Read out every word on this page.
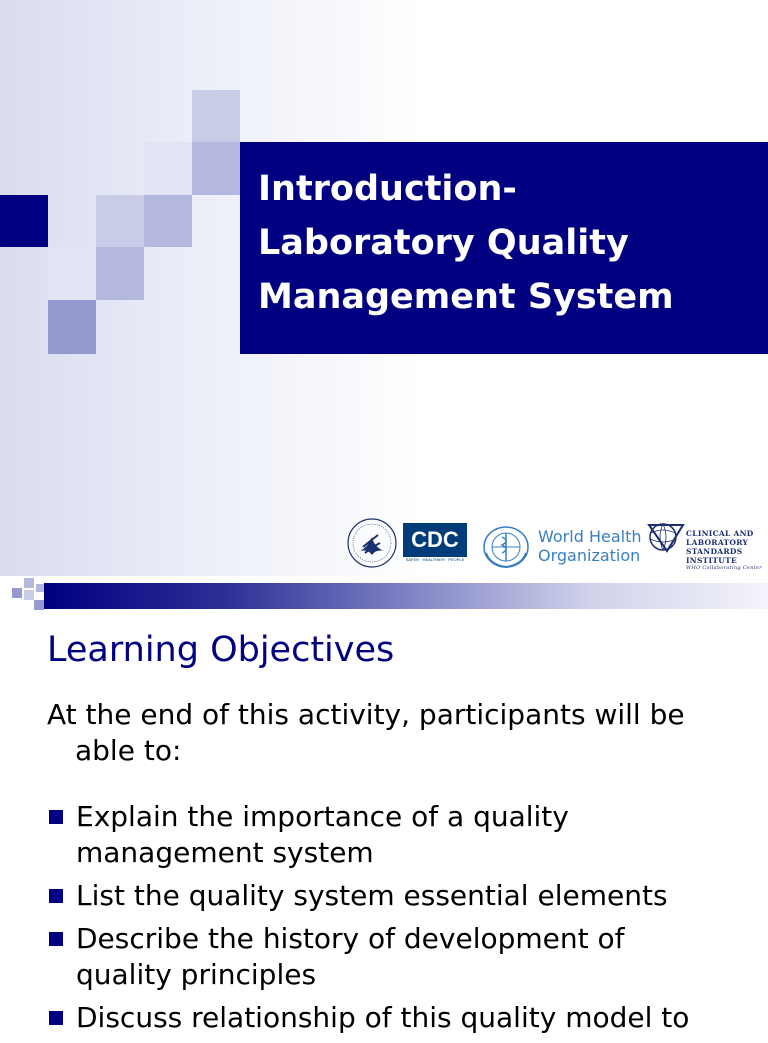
Introduction-
Laboratory Quality
Management System
CDC
SAFER · HEALTHIER · PEOPLE
World Health
Organization
CLINICAL AND
LABORATORY
STANDARDS
INSTITUTE
WHO Collaborating Center
Learning Objectives
At the end of this activity, participants will be
able to:
Explain the importance of a quality
management system
List the quality system essential elements
Describe the history of development of
quality principles
Discuss relationship of this quality model to
